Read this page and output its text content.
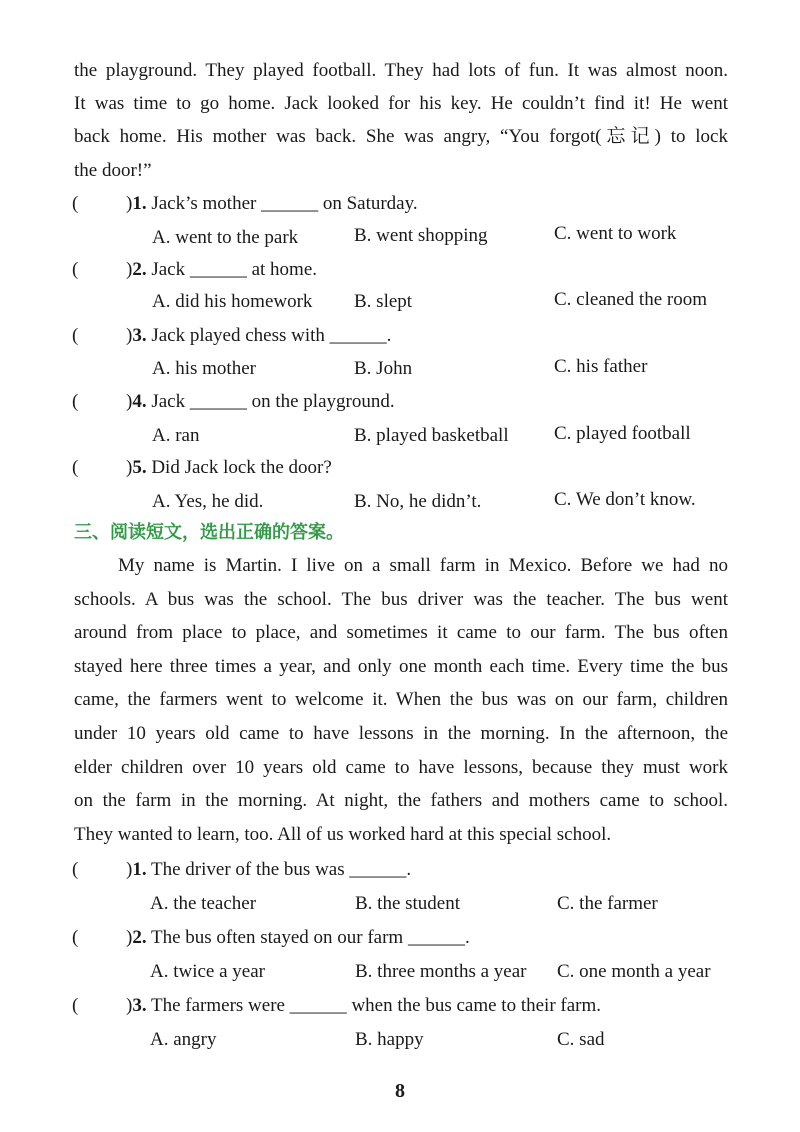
the playground. They played football. They had lots of fun. It was almost noon.

It was time to go home. Jack looked for his key. He couldn’t find it! He went

back home. His mother was back. She was angry, “You forgot(忘记) to lock

the door!”

(	)1. Jack’s mother ______ on Saturday.
A. went to the park	B. went shopping	C. went to work
(	)2. Jack ______ at home.
A. did his homework B. slept	C. cleaned the room
(	)3. Jack played chess with ______.
A. his mother	B. John	C. his father
(	)4. Jack ______ on the playground.
A. ran	B. played basketball C. played football
(	)5. Did Jack lock the door?
A. Yes, he did.	B. No, he didn’t.	C. We don’t know.
三、阅读短文，选出正确的答案。

My name is Martin. I live on a small farm in Mexico. Before we had no

schools. A bus was the school. The bus driver was the teacher. The bus went

around from place to place, and sometimes it came to our farm. The bus often

stayed here three times a year, and only one month each time. Every time the bus

came, the farmers went to welcome it. When the bus was on our farm, children

under 10 years old came to have lessons in the morning. In the afternoon, the

elder children over 10 years old came to have lessons, because they must work

on the farm in the morning. At night, the fathers and mothers came to school.

They wanted to learn, too. All of us worked hard at this special school.

(	)1. The driver of the bus was ______.
A. the teacher	B. the student	C. the farmer
(	)2. The bus often stayed on our farm ______.
A. twice a year	B. three months a year C. one month a year
(	)3. The farmers were ______ when the bus came to their farm.
A. angry	B. happy	C. sad
8
